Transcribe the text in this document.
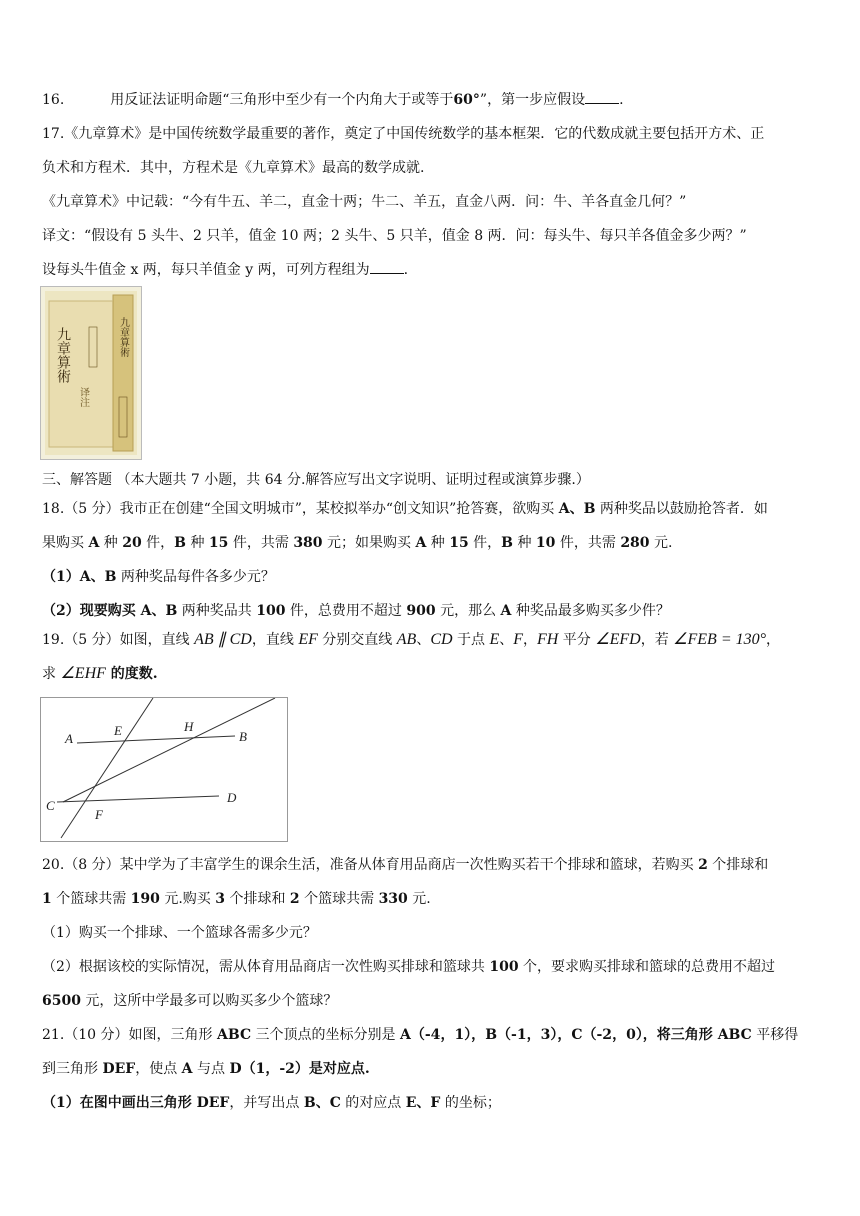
16.	用反证法证明命题“三角形中至少有一个内角大于或等于60°”，第一步应假设 .
17.《九章算术》是中国传统数学最重要的著作，奠定了中国传统数学的基本框架．它的代数成就主要包括开方术、正
负术和方程术．其中，方程术是《九章算术》最高的数学成就.
《九章算术》中记载：“今有牛五、羊二，直金十两；牛二、羊五，直金八两．问：牛、羊各直金几何？”
译文：“假设有 5 头牛、2 只羊，值金 10 两；2 头牛、5 只羊，值金 8 两．问：每头牛、每只羊各值金多少两？”
设每头牛值金 x 两，每只羊值金 y 两，可列方程组为 .
九章算術	九章算術
译注
三、解答题 （本大题共 7 小题，共 64 分.解答应写出文字说明、证明过程或演算步骤.）
18.（5 分）我市正在创建“全国文明城市”，某校拟举办“创文知识”抢答赛，欲购买 A、B 两种奖品以鼓励抢答者．如
果购买 A 种 20 件，B 种 15 件，共需 380 元；如果购买 A 种 15 件，B 种 10 件，共需 280 元.
（1）A、B 两种奖品每件各多少元？
（2）现要购买 A、B 两种奖品共 100 件，总费用不超过 900 元，那么 A 种奖品最多购买多少件？
19.（5 分）如图，直线 AB ∥ CD，直线 EF 分别交直线 AB、CD 于点 E、F，FH 平分 ∠EFD，若 ∠FEB = 130°，
求 ∠EHF 的度数.
A
E	H
B
C
D
F
20.（8 分）某中学为了丰富学生的课余生活，准备从体育用品商店一次性购买若干个排球和篮球，若购买 2 个排球和
1 个篮球共需 190 元.购买 3 个排球和 2 个篮球共需 330 元.
（1）购买一个排球、一个篮球各需多少元？
（2）根据该校的实际情况，需从体育用品商店一次性购买排球和篮球共 100 个，要求购买排球和篮球的总费用不超过
6500 元，这所中学最多可以购买多少个篮球？
21.（10 分）如图，三角形 ABC 三个顶点的坐标分别是 A（-4，1），B（-1，3），C（-2，0），将三角形 ABC 平移得
到三角形 DEF，使点 A 与点 D（1，-2）是对应点.
（1）在图中画出三角形 DEF，并写出点 B、C 的对应点 E、F 的坐标；
